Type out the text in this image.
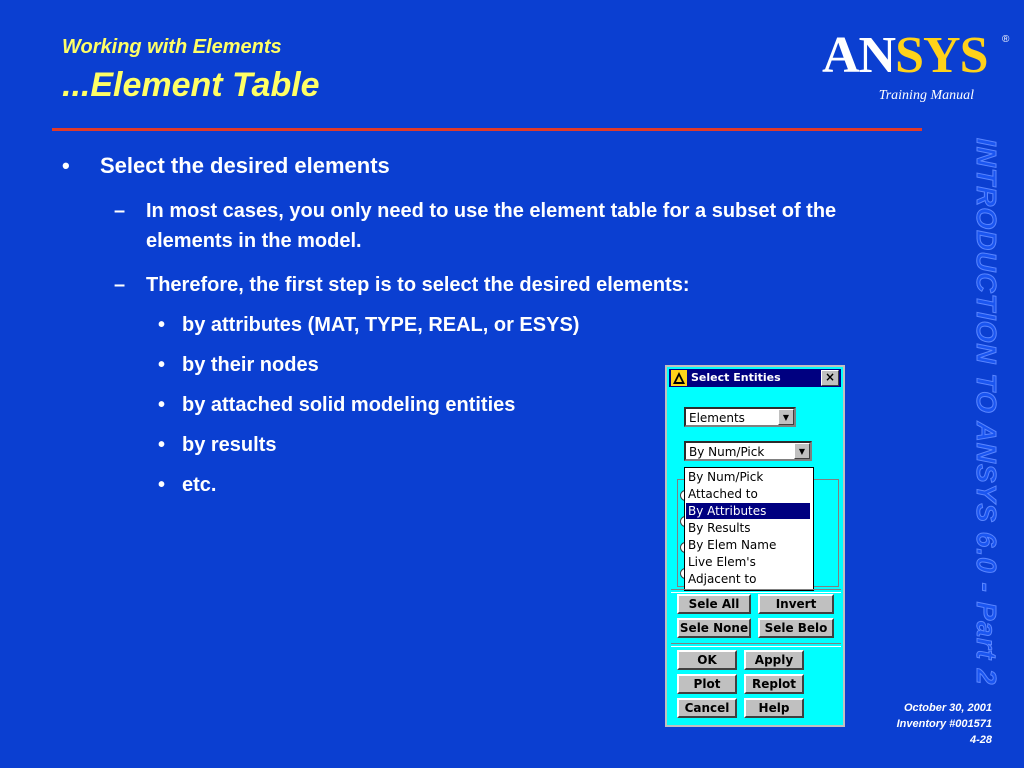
Working with Elements
...Element Table
ANSYS ®
Training Manual
INTRODUCTION TO ANSYS 6.0 - Part 2
• Select the desired elements
– In most cases, you only need to use the element table for a subset of the elements in the model.
– Therefore, the first step is to select the desired elements:
• by attributes (MAT, TYPE, REAL, or ESYS)
• by their nodes
• by attached solid modeling entities
• by results
• etc.
Select Entities	×
Elements	▼
By Num/Pick	▼
By Num/Pick
Attached to
By Attributes
By Results
By Elem Name
Live Elem's
Adjacent to
Sele All	Invert
Sele None	Sele Belo
OK	Apply
Plot	Replot
Cancel	Help	October 30, 2001
Inventory #001571
4-28
